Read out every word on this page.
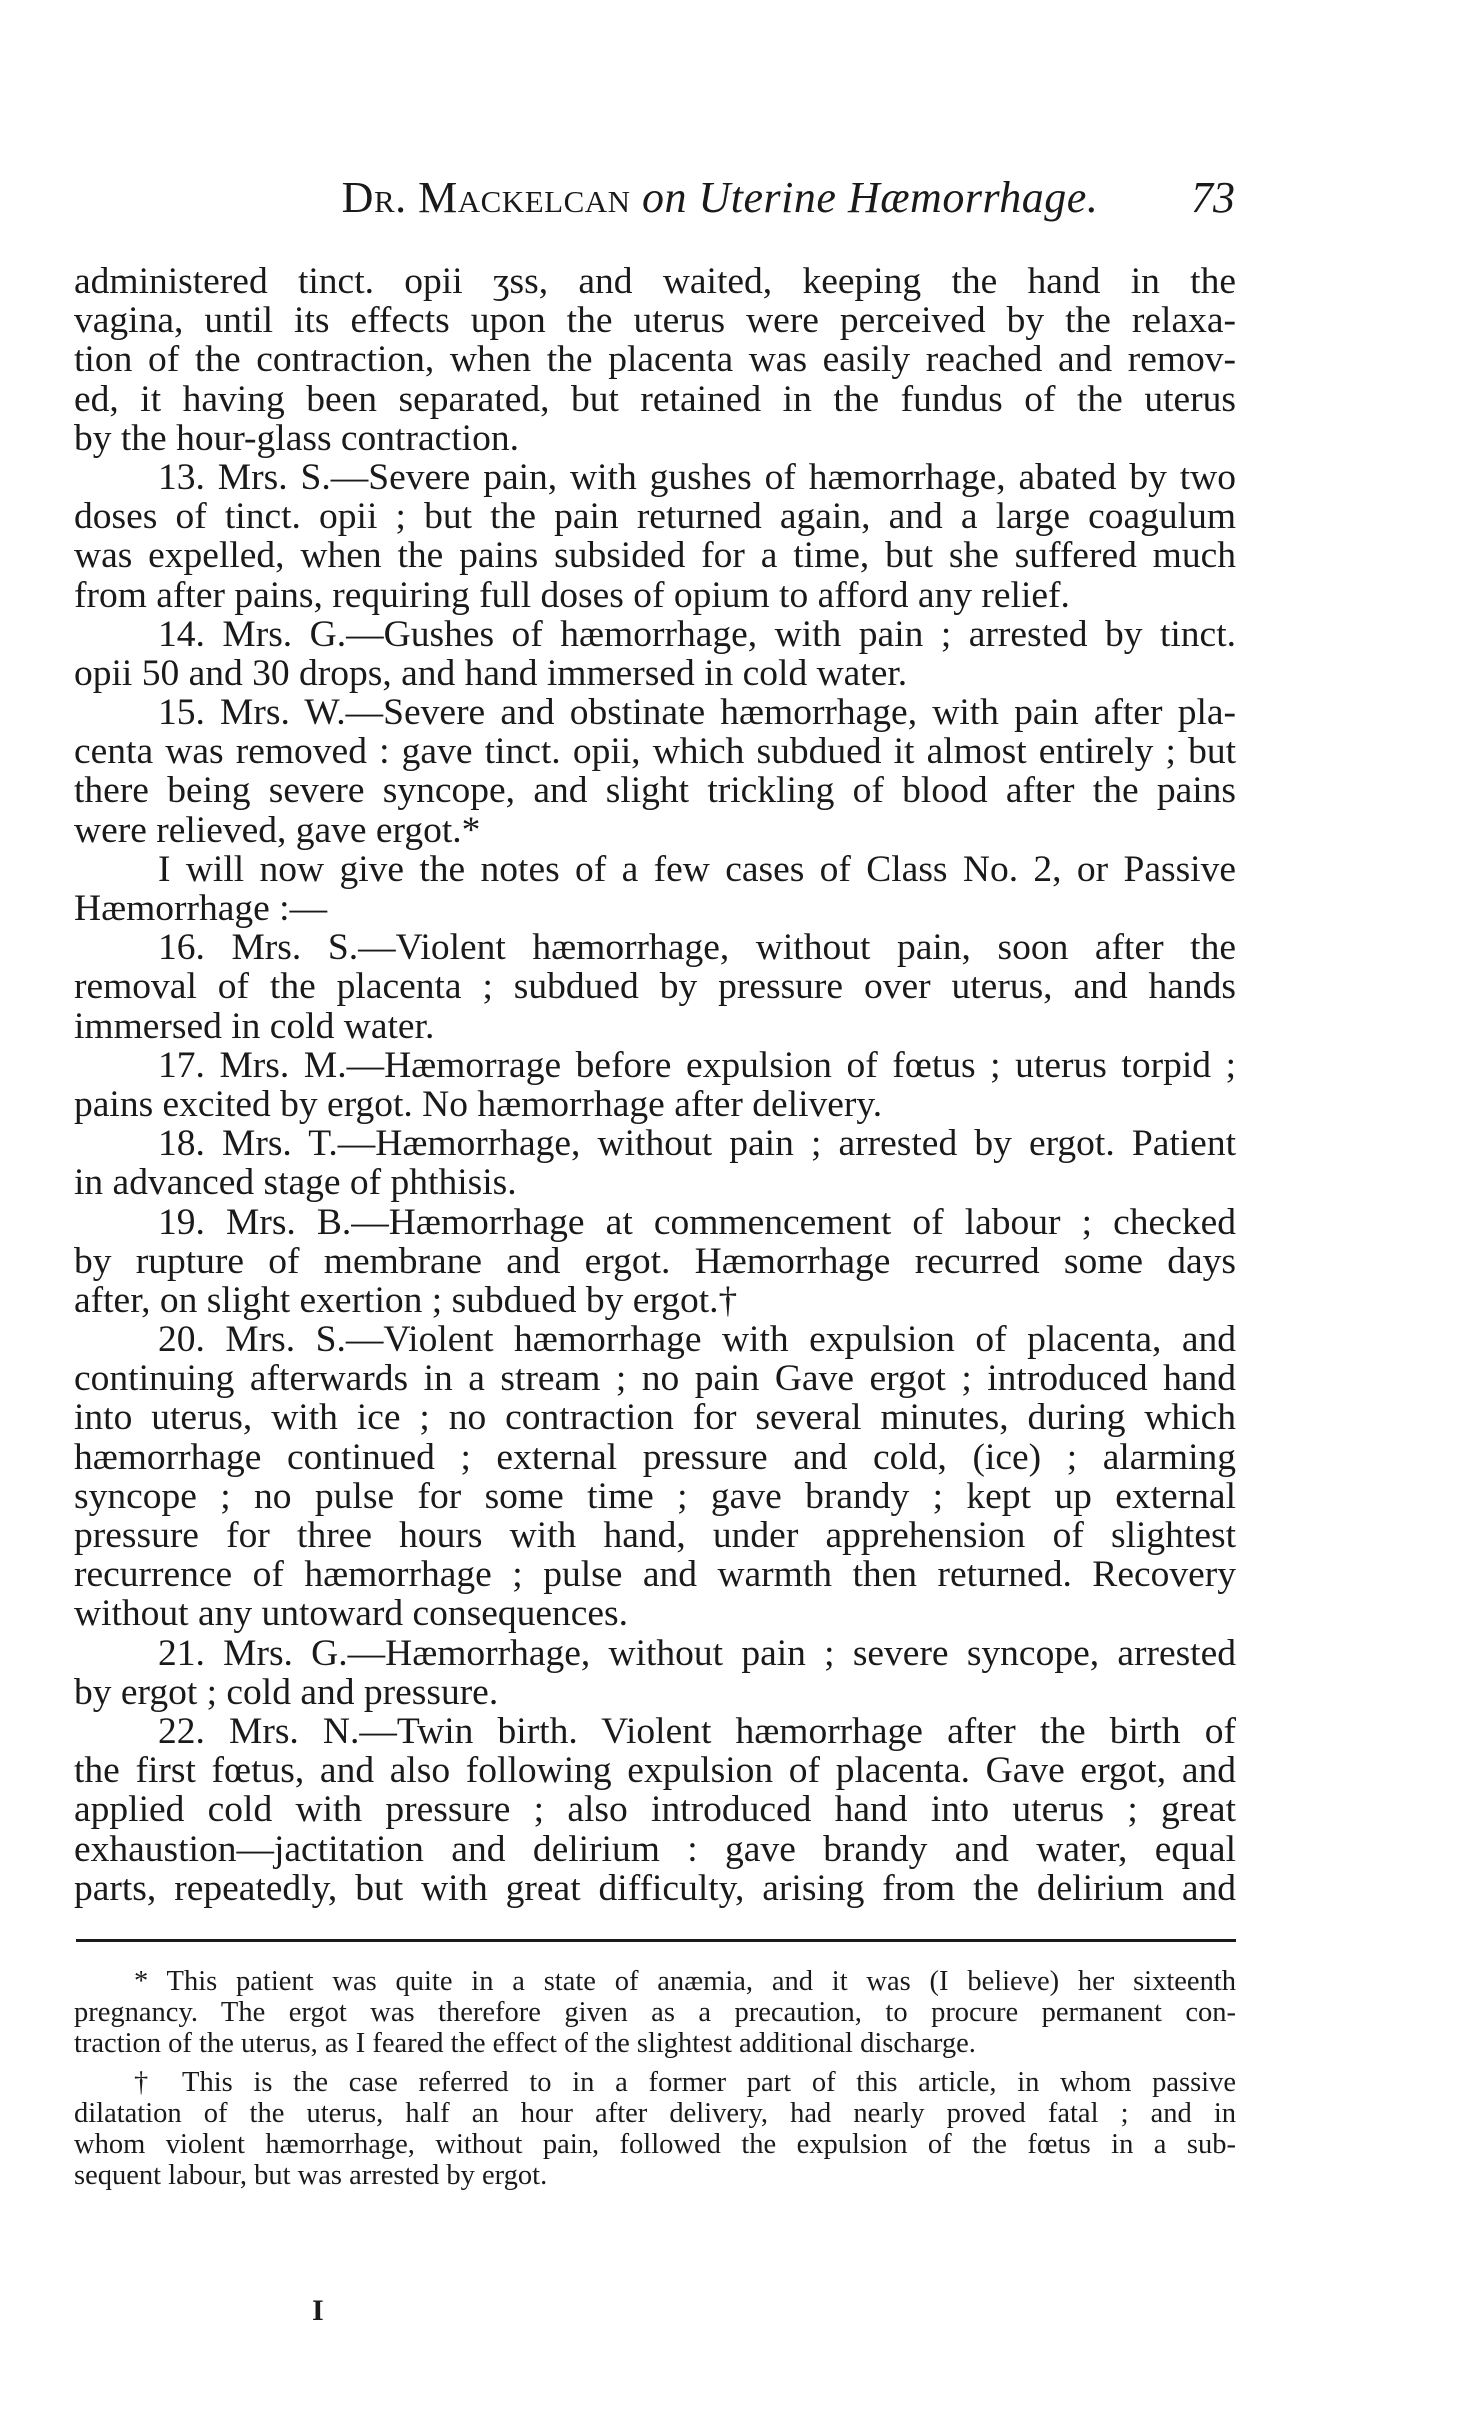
Dr. Mackelcan on Uterine Hæmorrhage.	73
administered tinct. opii ʒss, and waited, keeping the hand in the
vagina, until its effects upon the uterus were perceived by the relaxa-
tion of the contraction, when the placenta was easily reached and remov-
ed, it having been separated, but retained in the fundus of the uterus
by the hour-glass contraction.
13. Mrs. S.—Severe pain, with gushes of hæmorrhage, abated by two
doses of tinct. opii ; but the pain returned again, and a large coagulum
was expelled, when the pains subsided for a time, but she suffered much
from after pains, requiring full doses of opium to afford any relief.
14. Mrs. G.—Gushes of hæmorrhage, with pain ; arrested by tinct.
opii 50 and 30 drops, and hand immersed in cold water.
15. Mrs. W.—Severe and obstinate hæmorrhage, with pain after pla-
centa was removed : gave tinct. opii, which subdued it almost entirely ; but
there being severe syncope, and slight trickling of blood after the pains
were relieved, gave ergot.*
I will now give the notes of a few cases of Class No. 2, or Passive
Hæmorrhage :—
16. Mrs. S.—Violent hæmorrhage, without pain, soon after the
removal of the placenta ; subdued by pressure over uterus, and hands
immersed in cold water.
17. Mrs. M.—Hæmorrage before expulsion of fœtus ; uterus torpid ;
pains excited by ergot. No hæmorrhage after delivery.
18. Mrs. T.—Hæmorrhage, without pain ; arrested by ergot. Patient
in advanced stage of phthisis.
19. Mrs. B.—Hæmorrhage at commencement of labour ; checked
by rupture of membrane and ergot. Hæmorrhage recurred some days
after, on slight exertion ; subdued by ergot.†
20. Mrs. S.—Violent hæmorrhage with expulsion of placenta, and
continuing afterwards in a stream ; no pain Gave ergot ; introduced hand
into uterus, with ice ; no contraction for several minutes, during which
hæmorrhage continued ; external pressure and cold, (ice) ; alarming
syncope ; no pulse for some time ; gave brandy ; kept up external
pressure for three hours with hand, under apprehension of slightest
recurrence of hæmorrhage ; pulse and warmth then returned. Recovery
without any untoward consequences.
21. Mrs. G.—Hæmorrhage, without pain ; severe syncope, arrested
by ergot ; cold and pressure.
22. Mrs. N.—Twin birth. Violent hæmorrhage after the birth of
the first fœtus, and also following expulsion of placenta. Gave ergot, and
applied cold with pressure ; also introduced hand into uterus ; great
exhaustion—jactitation and delirium : gave brandy and water, equal
parts, repeatedly, but with great difficulty, arising from the delirium and
* This patient was quite in a state of anæmia, and it was (I believe) her sixteenth
pregnancy. The ergot was therefore given as a precaution, to procure permanent con-
traction of the uterus, as I feared the effect of the slightest additional discharge.
† This is the case referred to in a former part of this article, in whom passive
dilatation of the uterus, half an hour after delivery, had nearly proved fatal ; and in
whom violent hæmorrhage, without pain, followed the expulsion of the fœtus in a sub-
sequent labour, but was arrested by ergot.
I
